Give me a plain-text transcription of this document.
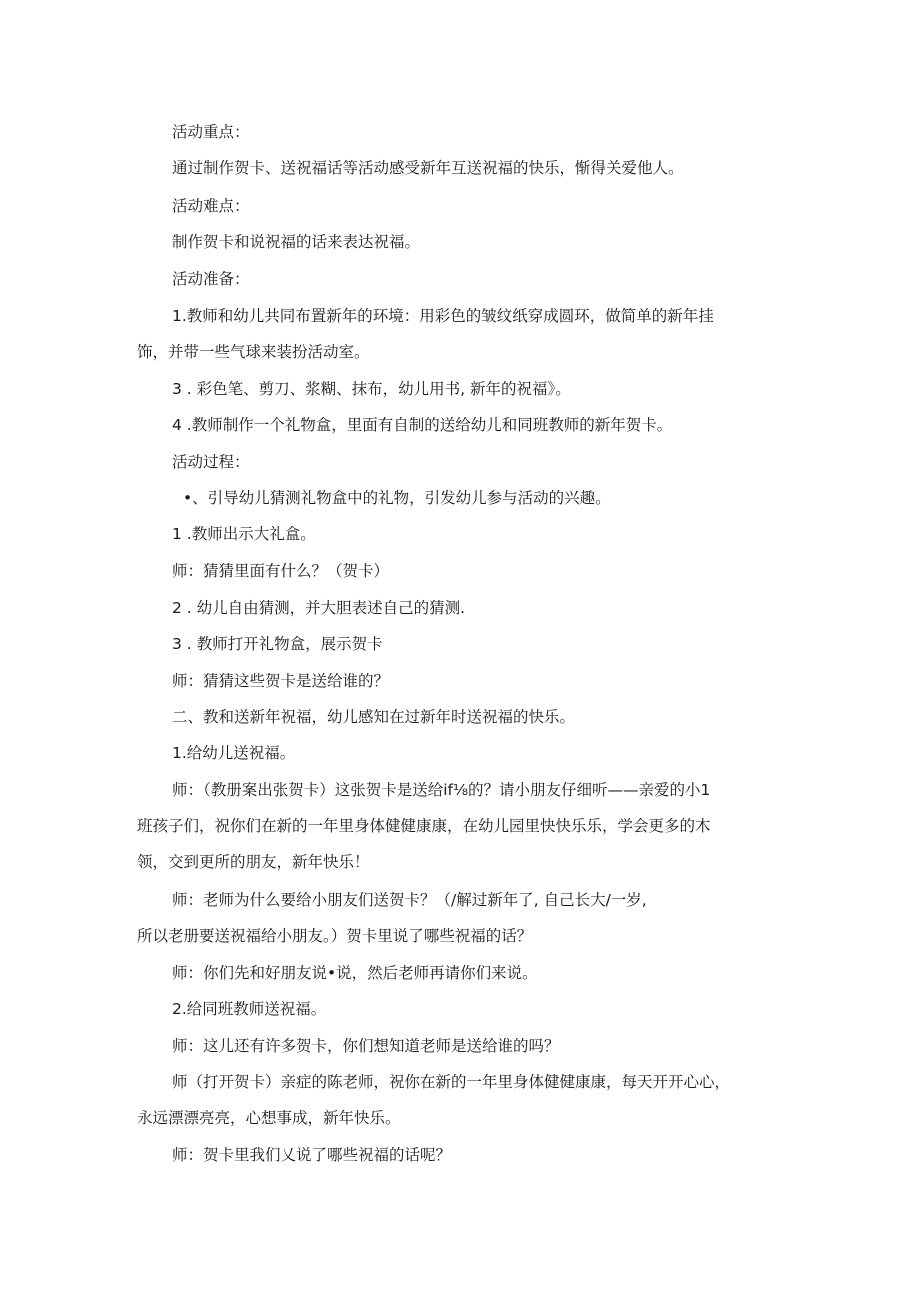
活动重点：
通过制作贺卡、送祝福话等活动感受新年互送祝福的快乐，惭得关爱他人。
活动难点：
制作贺卡和说祝福的话来表达祝福。
活动准备：
1.教师和幼儿共同布置新年的环境：用彩色的皱纹纸穿成圆环，做简单的新年挂
饰，并带一些气球来装扮活动室。
3 . 彩色笔、剪刀、浆糊、抹布，幼儿用书, 新年的祝福》。
4 .教师制作一个礼物盒，里面有自制的送给幼儿和同班教师的新年贺卡。
活动过程：
•、引导幼儿猜测礼物盒中的礼物，引发幼儿参与活动的兴趣。
1 .教师出示大礼盒。
师：猜猜里面有什么？（贺卡）
2 . 幼儿自由猜测，并大胆表述自己的猜测.
3 . 教师打开礼物盒，展示贺卡
师：猜猜这些贺卡是送给谁的？
二、教和送新年祝福，幼儿感知在过新年时送祝福的快乐。
1.给幼儿送祝福。
师：（教册案出张贺卡）这张贺卡是送给if⅛的？请小朋友仔细听——亲爱的小1
班孩子们，祝你们在新的一年里身体健健康康，在幼儿园里快快乐乐，学会更多的木
领，交到更所的朋友，新年快乐！
师：老师为什么要给小朋友们送贺卡？（/解过新年了, 自己长大/一岁,
所以老册要送祝福给小朋友。）贺卡里说了哪些祝福的话？
师：你们先和好朋友说•说，然后老师再请你们来说。
2.给同班教师送祝福。
师：这儿还有许多贺卡，你们想知道老师是送给谁的吗？
师（打开贺卡）亲症的陈老师，祝你在新的一年里身体健健康康，每天开开心心，
永远漂漂亮亮，心想事成，新年快乐。
师：贺卡里我们乂说了哪些祝福的话呢？
